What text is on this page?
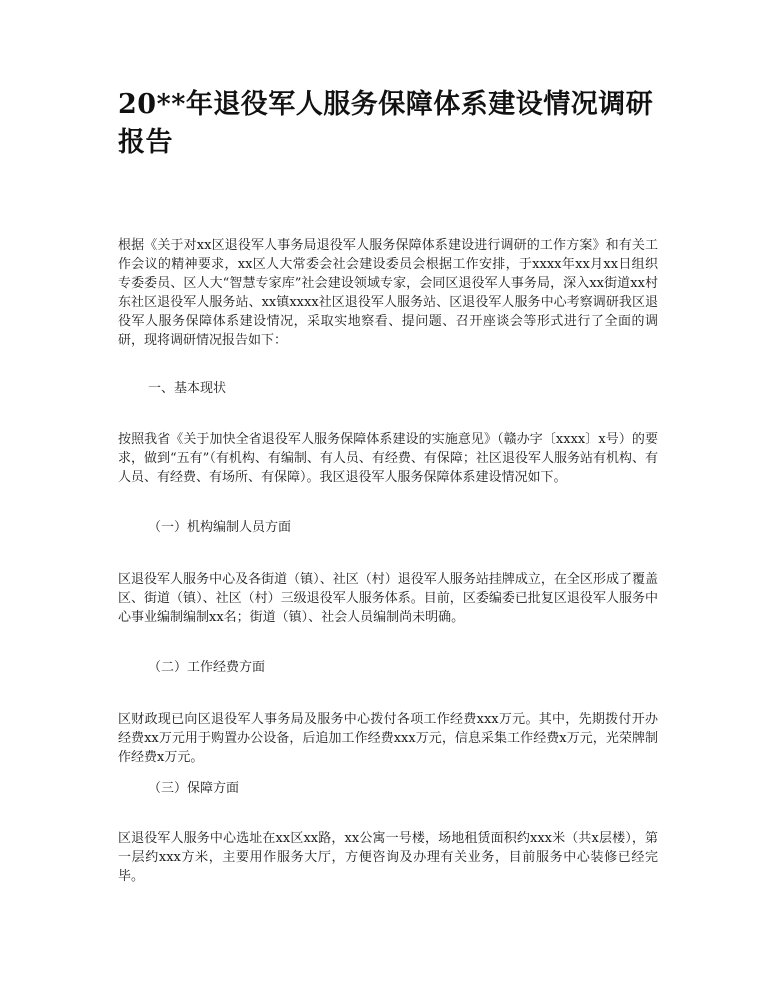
20**年退役军人服务保障体系建设情况调研报告

根据《关于对xx区退役军人事务局退役军人服务保障体系建设进行调研的工作方案》和有关工作会议的精神要求，xx区人大常委会社会建设委员会根据工作安排，于xxxx年xx月xx日组织专委委员、区人大“智慧专家库”社会建设领域专家，会同区退役军人事务局，深入xx街道xx村东社区退役军人服务站、xx镇xxxx社区退役军人服务站、区退役军人服务中心考察调研我区退役军人服务保障体系建设情况，采取实地察看、提问题、召开座谈会等形式进行了全面的调研，现将调研情况报告如下：

一、基本现状

按照我省《关于加快全省退役军人服务保障体系建设的实施意见》（赣办字〔xxxx〕x号）的要求，做到“五有”（有机构、有编制、有人员、有经费、有保障；社区退役军人服务站有机构、有人员、有经费、有场所、有保障）。我区退役军人服务保障体系建设情况如下。

（一）机构编制人员方面

区退役军人服务中心及各街道（镇）、社区（村）退役军人服务站挂牌成立，在全区形成了覆盖区、街道（镇）、社区（村）三级退役军人服务体系。目前，区委编委已批复区退役军人服务中心事业编制编制xx名；街道（镇）、社会人员编制尚未明确。

（二）工作经费方面

区财政现已向区退役军人事务局及服务中心拨付各项工作经费xxx万元。其中，先期拨付开办经费xx万元用于购置办公设备，后追加工作经费xxx万元，信息采集工作经费x万元，光荣牌制作经费x万元。

（三）保障方面

区退役军人服务中心选址在xx区xx路，xx公寓一号楼，场地租赁面积约xxx米（共x层楼），第一层约xxx方米，主要用作服务大厅，方便咨询及办理有关业务，目前服务中心装修已经完毕。
